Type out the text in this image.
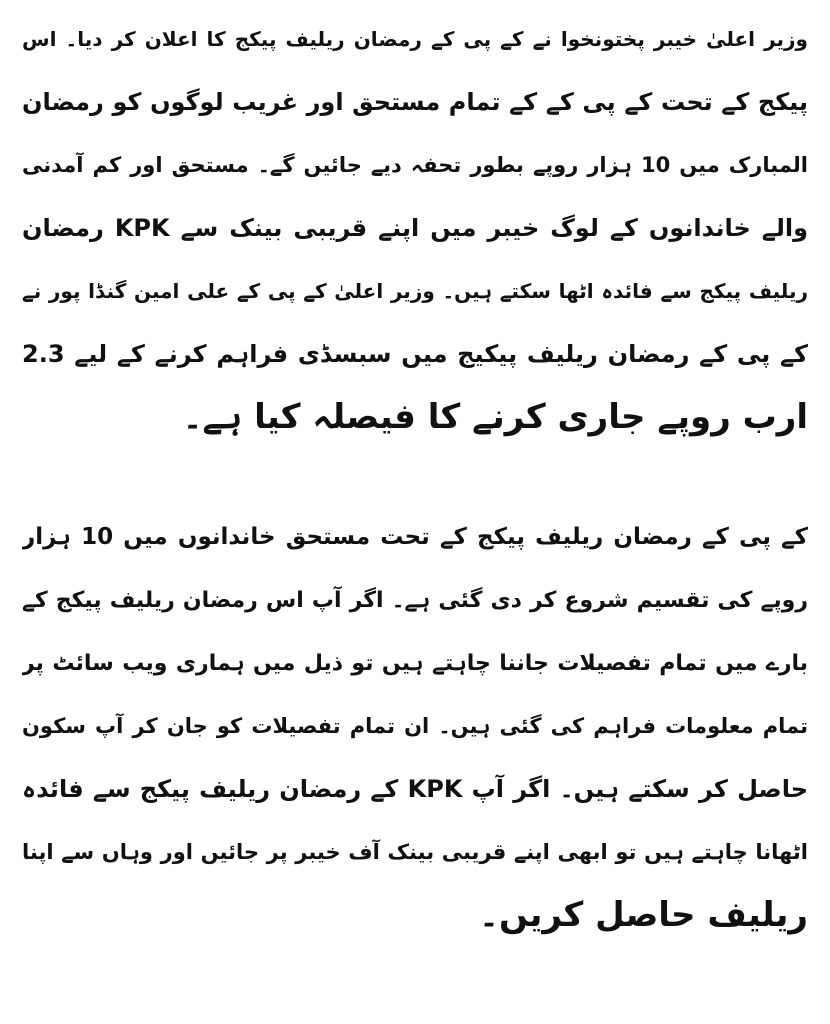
وزیر اعلیٰ خیبر پختونخوا نے کے پی کے رمضان ریلیف پیکج کا اعلان کر دیا۔ اس
پیکج کے تحت کے پی کے کے تمام مستحق اور غریب لوگوں کو رمضان
المبارک میں 10 ہزار روپے بطور تحفہ دیے جائیں گے۔ مستحق اور کم آمدنی
والے خاندانوں کے لوگ خیبر میں اپنے قریبی بینک سے KPK رمضان
ریلیف پیکج سے فائدہ اٹھا سکتے ہیں۔ وزیر اعلیٰ کے پی کے علی امین گنڈا پور نے
کے پی کے رمضان ریلیف پیکیج میں سبسڈی فراہم کرنے کے لیے 2.3
ارب روپے جاری کرنے کا فیصلہ کیا ہے۔
کے پی کے رمضان ریلیف پیکج کے تحت مستحق خاندانوں میں 10 ہزار
روپے کی تقسیم شروع کر دی گئی ہے۔ اگر آپ اس رمضان ریلیف پیکج کے
بارے میں تمام تفصیلات جاننا چاہتے ہیں تو ذیل میں ہماری ویب سائٹ پر
تمام معلومات فراہم کی گئی ہیں۔ ان تمام تفصیلات کو جان کر آپ سکون
حاصل کر سکتے ہیں۔ اگر آپ KPK کے رمضان ریلیف پیکج سے فائدہ
اٹھانا چاہتے ہیں تو ابھی اپنے قریبی بینک آف خیبر پر جائیں اور وہاں سے اپنا
ریلیف حاصل کریں۔
